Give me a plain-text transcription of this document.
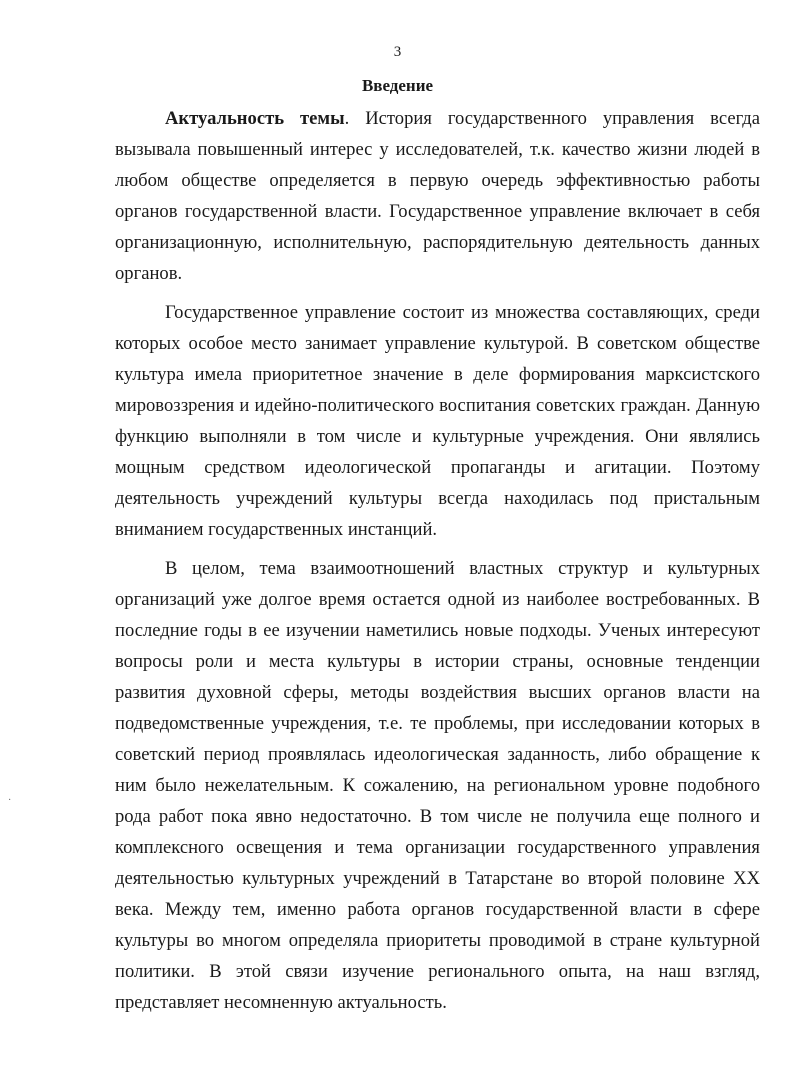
3
Введение

Актуальность темы. История государственного управления всегда вызывала повышенный интерес у исследователей, т.к. качество жизни людей в любом обществе определяется в первую очередь эффективностью работы органов государственной власти. Государственное управление включает в себя организационную, исполнительную, распорядительную деятельность данных органов.

Государственное управление состоит из множества составляющих, среди которых особое место занимает управление культурой. В советском обществе культура имела приоритетное значение в деле формирования марксистского мировоззрения и идейно-политического воспитания советских граждан. Данную функцию выполняли в том числе и культурные учреждения. Они являлись мощным средством идеологической пропаганды и агитации. Поэтому деятельность учреждений культуры всегда находилась под пристальным вниманием государственных инстанций.

В целом, тема взаимоотношений властных структур и культурных организаций уже долгое время остается одной из наиболее востребованных. В последние годы в ее изучении наметились новые подходы. Ученых интересуют вопросы роли и места культуры в истории страны, основные тенденции развития духовной сферы, методы воздействия высших органов власти на подведомственные учреждения, т.е. те проблемы, при исследовании которых в советский период проявлялась идеологическая заданность, либо обращение к ним было нежелательным. К сожалению, на региональном уровне подобного рода работ пока явно недостаточно. В том числе не получила еще полного и комплексного освещения и тема организации государственного управления деятельностью культурных учреждений в Татарстане во второй половине XX века. Между тем, именно работа органов государственной власти в сфере культуры во многом определяла приоритеты проводимой в стране культурной политики. В этой связи изучение регионального опыта, на наш взгляд, представляет несомненную актуальность.

·
